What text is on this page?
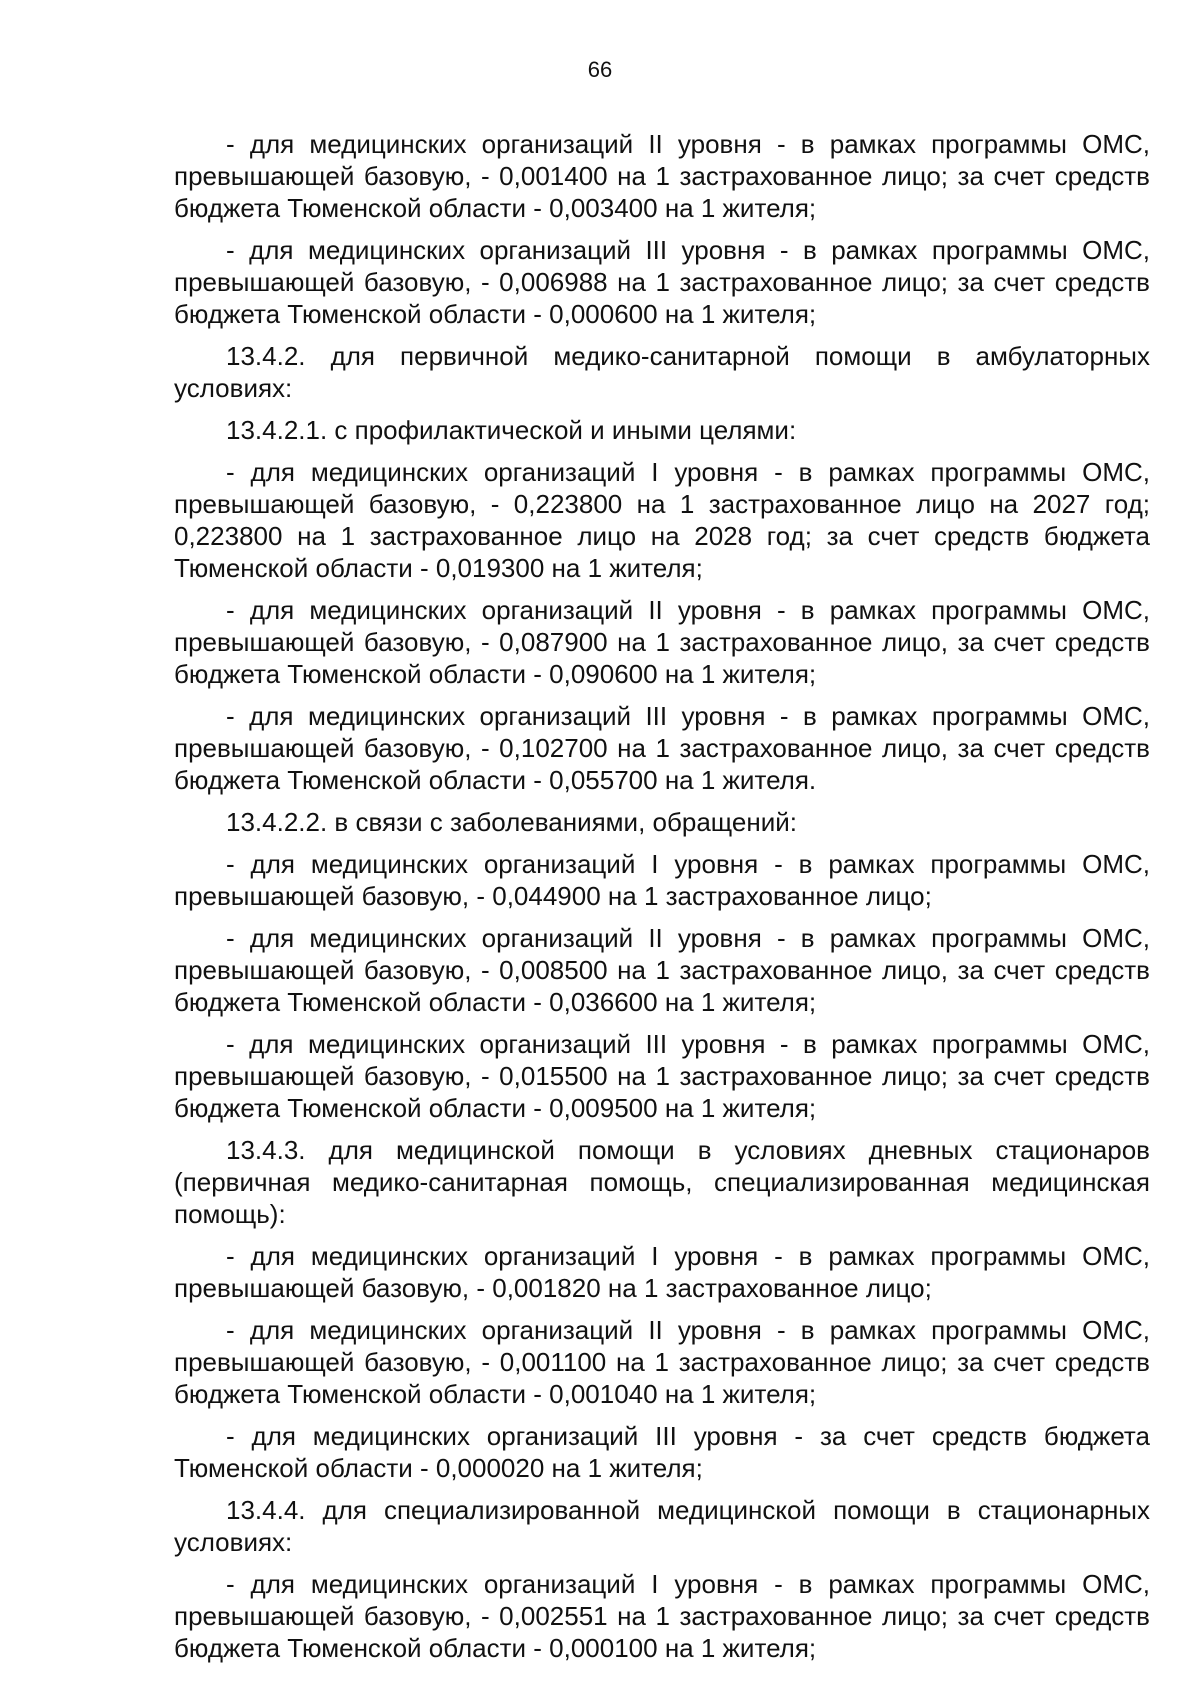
66

- для медицинских организаций II уровня - в рамках программы ОМС, превышающей базовую, - 0,001400 на 1 застрахованное лицо; за счет средств бюджета Тюменской области - 0,003400 на 1 жителя;

- для медицинских организаций III уровня - в рамках программы ОМС, превышающей базовую, - 0,006988 на 1 застрахованное лицо; за счет средств бюджета Тюменской области - 0,000600 на 1 жителя;

13.4.2. для первичной медико-санитарной помощи в амбулаторных условиях:

13.4.2.1. с профилактической и иными целями:

- для медицинских организаций I уровня - в рамках программы ОМС, превышающей базовую, - 0,223800 на 1 застрахованное лицо на 2027 год; 0,223800 на 1 застрахованное лицо на 2028 год; за счет средств бюджета Тюменской области - 0,019300 на 1 жителя;

- для медицинских организаций II уровня - в рамках программы ОМС, превышающей базовую, - 0,087900 на 1 застрахованное лицо, за счет средств бюджета Тюменской области - 0,090600 на 1 жителя;

- для медицинских организаций III уровня - в рамках программы ОМС, превышающей базовую, - 0,102700 на 1 застрахованное лицо, за счет средств бюджета Тюменской области - 0,055700 на 1 жителя.

13.4.2.2. в связи с заболеваниями, обращений:

- для медицинских организаций I уровня - в рамках программы ОМС, превышающей базовую, - 0,044900 на 1 застрахованное лицо;

- для медицинских организаций II уровня - в рамках программы ОМС, превышающей базовую, - 0,008500 на 1 застрахованное лицо, за счет средств бюджета Тюменской области - 0,036600 на 1 жителя;

- для медицинских организаций III уровня - в рамках программы ОМС, превышающей базовую, - 0,015500 на 1 застрахованное лицо; за счет средств бюджета Тюменской области - 0,009500 на 1 жителя;

13.4.3. для медицинской помощи в условиях дневных стационаров (первичная медико-санитарная помощь, специализированная медицинская помощь):

- для медицинских организаций I уровня - в рамках программы ОМС, превышающей базовую, - 0,001820 на 1 застрахованное лицо;

- для медицинских организаций II уровня - в рамках программы ОМС, превышающей базовую, - 0,001100 на 1 застрахованное лицо; за счет средств бюджета Тюменской области - 0,001040 на 1 жителя;

- для медицинских организаций III уровня - за счет средств бюджета Тюменской области - 0,000020 на 1 жителя;

13.4.4. для специализированной медицинской помощи в стационарных условиях:

- для медицинских организаций I уровня - в рамках программы ОМС, превышающей базовую, - 0,002551 на 1 застрахованное лицо; за счет средств бюджета Тюменской области - 0,000100 на 1 жителя;
